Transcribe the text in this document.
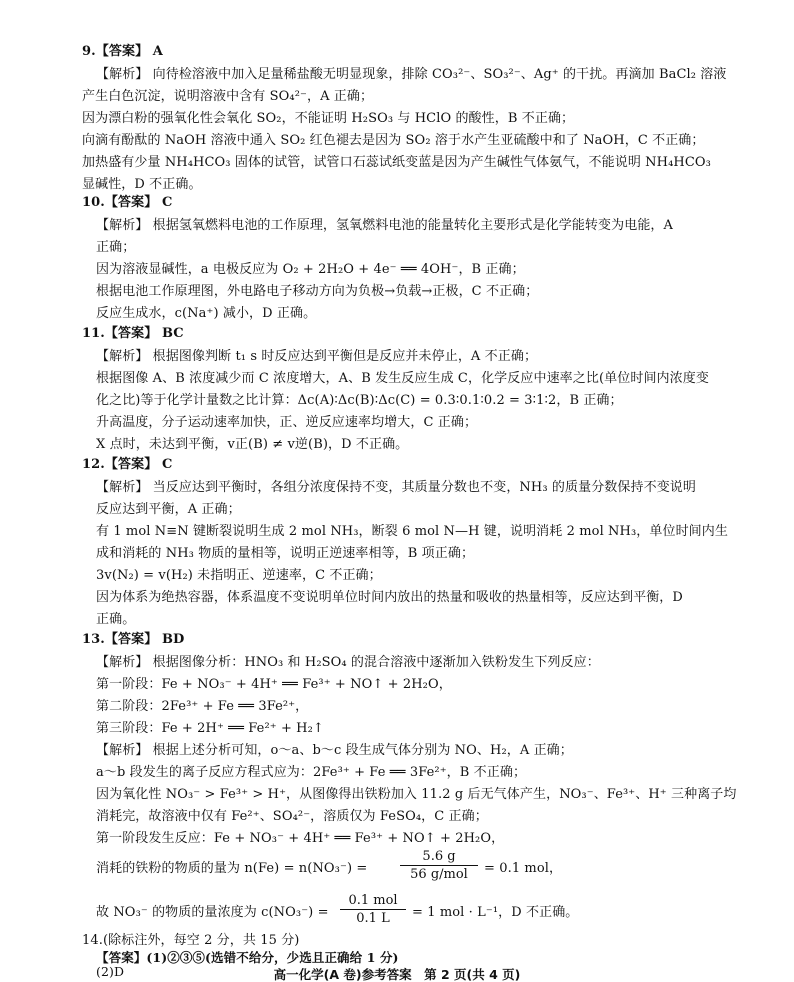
9.【答案】 A
【解析】 向待检溶液中加入足量稀盐酸无明显现象，排除 CO₃²⁻、SO₃²⁻、Ag⁺ 的干扰。再滴加 BaCl₂ 溶液
产生白色沉淀，说明溶液中含有 SO₄²⁻，A 正确；
因为漂白粉的强氧化性会氧化 SO₂，不能证明 H₂SO₃ 与 HClO 的酸性，B 不正确；
向滴有酚酞的 NaOH 溶液中通入 SO₂ 红色褪去是因为 SO₂ 溶于水产生亚硫酸中和了 NaOH，C 不正确；
加热盛有少量 NH₄HCO₃ 固体的试管，试管口石蕊试纸变蓝是因为产生碱性气体氨气，不能说明 NH₄HCO₃
显碱性，D 不正确。
10.【答案】 C
【解析】 根据氢氧燃料电池的工作原理，氢氧燃料电池的能量转化主要形式是化学能转变为电能，A
正确；
因为溶液显碱性，a 电极反应为 O₂ + 2H₂O + 4e⁻ ══ 4OH⁻，B 正确；
根据电池工作原理图，外电路电子移动方向为负极→负载→正极，C 不正确；
反应生成水，c(Na⁺) 减小，D 正确。
11.【答案】 BC
【解析】 根据图像判断 t₁ s 时反应达到平衡但是反应并未停止，A 不正确；
根据图像 A、B 浓度减少而 C 浓度增大，A、B 发生反应生成 C，化学反应中速率之比(单位时间内浓度变
化之比)等于化学计量数之比计算：Δc(A)∶Δc(B)∶Δc(C) = 0.3∶0.1∶0.2 = 3∶1∶2，B 正确；
升高温度，分子运动速率加快，正、逆反应速率均增大，C 正确；
X 点时，未达到平衡，v正(B) ≠ v逆(B)，D 不正确。
12.【答案】 C
【解析】 当反应达到平衡时，各组分浓度保持不变，其质量分数也不变，NH₃ 的质量分数保持不变说明
反应达到平衡，A 正确；
有 1 mol N≡N 键断裂说明生成 2 mol NH₃，断裂 6 mol N—H 键，说明消耗 2 mol NH₃，单位时间内生
成和消耗的 NH₃ 物质的量相等，说明正逆速率相等，B 项正确；
3v(N₂) = v(H₂) 未指明正、逆速率，C 不正确；
因为体系为绝热容器，体系温度不变说明单位时间内放出的热量和吸收的热量相等，反应达到平衡，D
正确。
13.【答案】 BD
【解析】 根据图像分析：HNO₃ 和 H₂SO₄ 的混合溶液中逐渐加入铁粉发生下列反应：
第一阶段：Fe + NO₃⁻ + 4H⁺ ══ Fe³⁺ + NO↑ + 2H₂O，
第二阶段：2Fe³⁺ + Fe ══ 3Fe²⁺，
第三阶段：Fe + 2H⁺ ══ Fe²⁺ + H₂↑
【解析】 根据上述分析可知，o～a、b～c 段生成气体分别为 NO、H₂，A 正确；
a～b 段发生的离子反应方程式应为：2Fe³⁺ + Fe ══ 3Fe²⁺，B 不正确；
因为氧化性 NO₃⁻ > Fe³⁺ > H⁺，从图像得出铁粉加入 11.2 g 后无气体产生，NO₃⁻、Fe³⁺、H⁺ 三种离子均
消耗完，故溶液中仅有 Fe²⁺、SO₄²⁻，溶质仅为 FeSO₄，C 正确；
第一阶段发生反应：Fe + NO₃⁻ + 4H⁺ ══ Fe³⁺ + NO↑ + 2H₂O，
消耗的铁粉的物质的量为 n(Fe) = n(NO₃⁻) =
5.6 g
56 g/mol	= 0.1 mol，
故 NO₃⁻ 的物质的量浓度为 c(NO₃⁻) =
0.1 mol
0.1 L	= 1 mol · L⁻¹，D 不正确。
14.(除标注外，每空 2 分，共 15 分)
【答案】(1)②③⑤(选错不给分，少选且正确给 1 分)
(2)D	高一化学(A 卷)参考答案　第 2 页(共 4 页)
